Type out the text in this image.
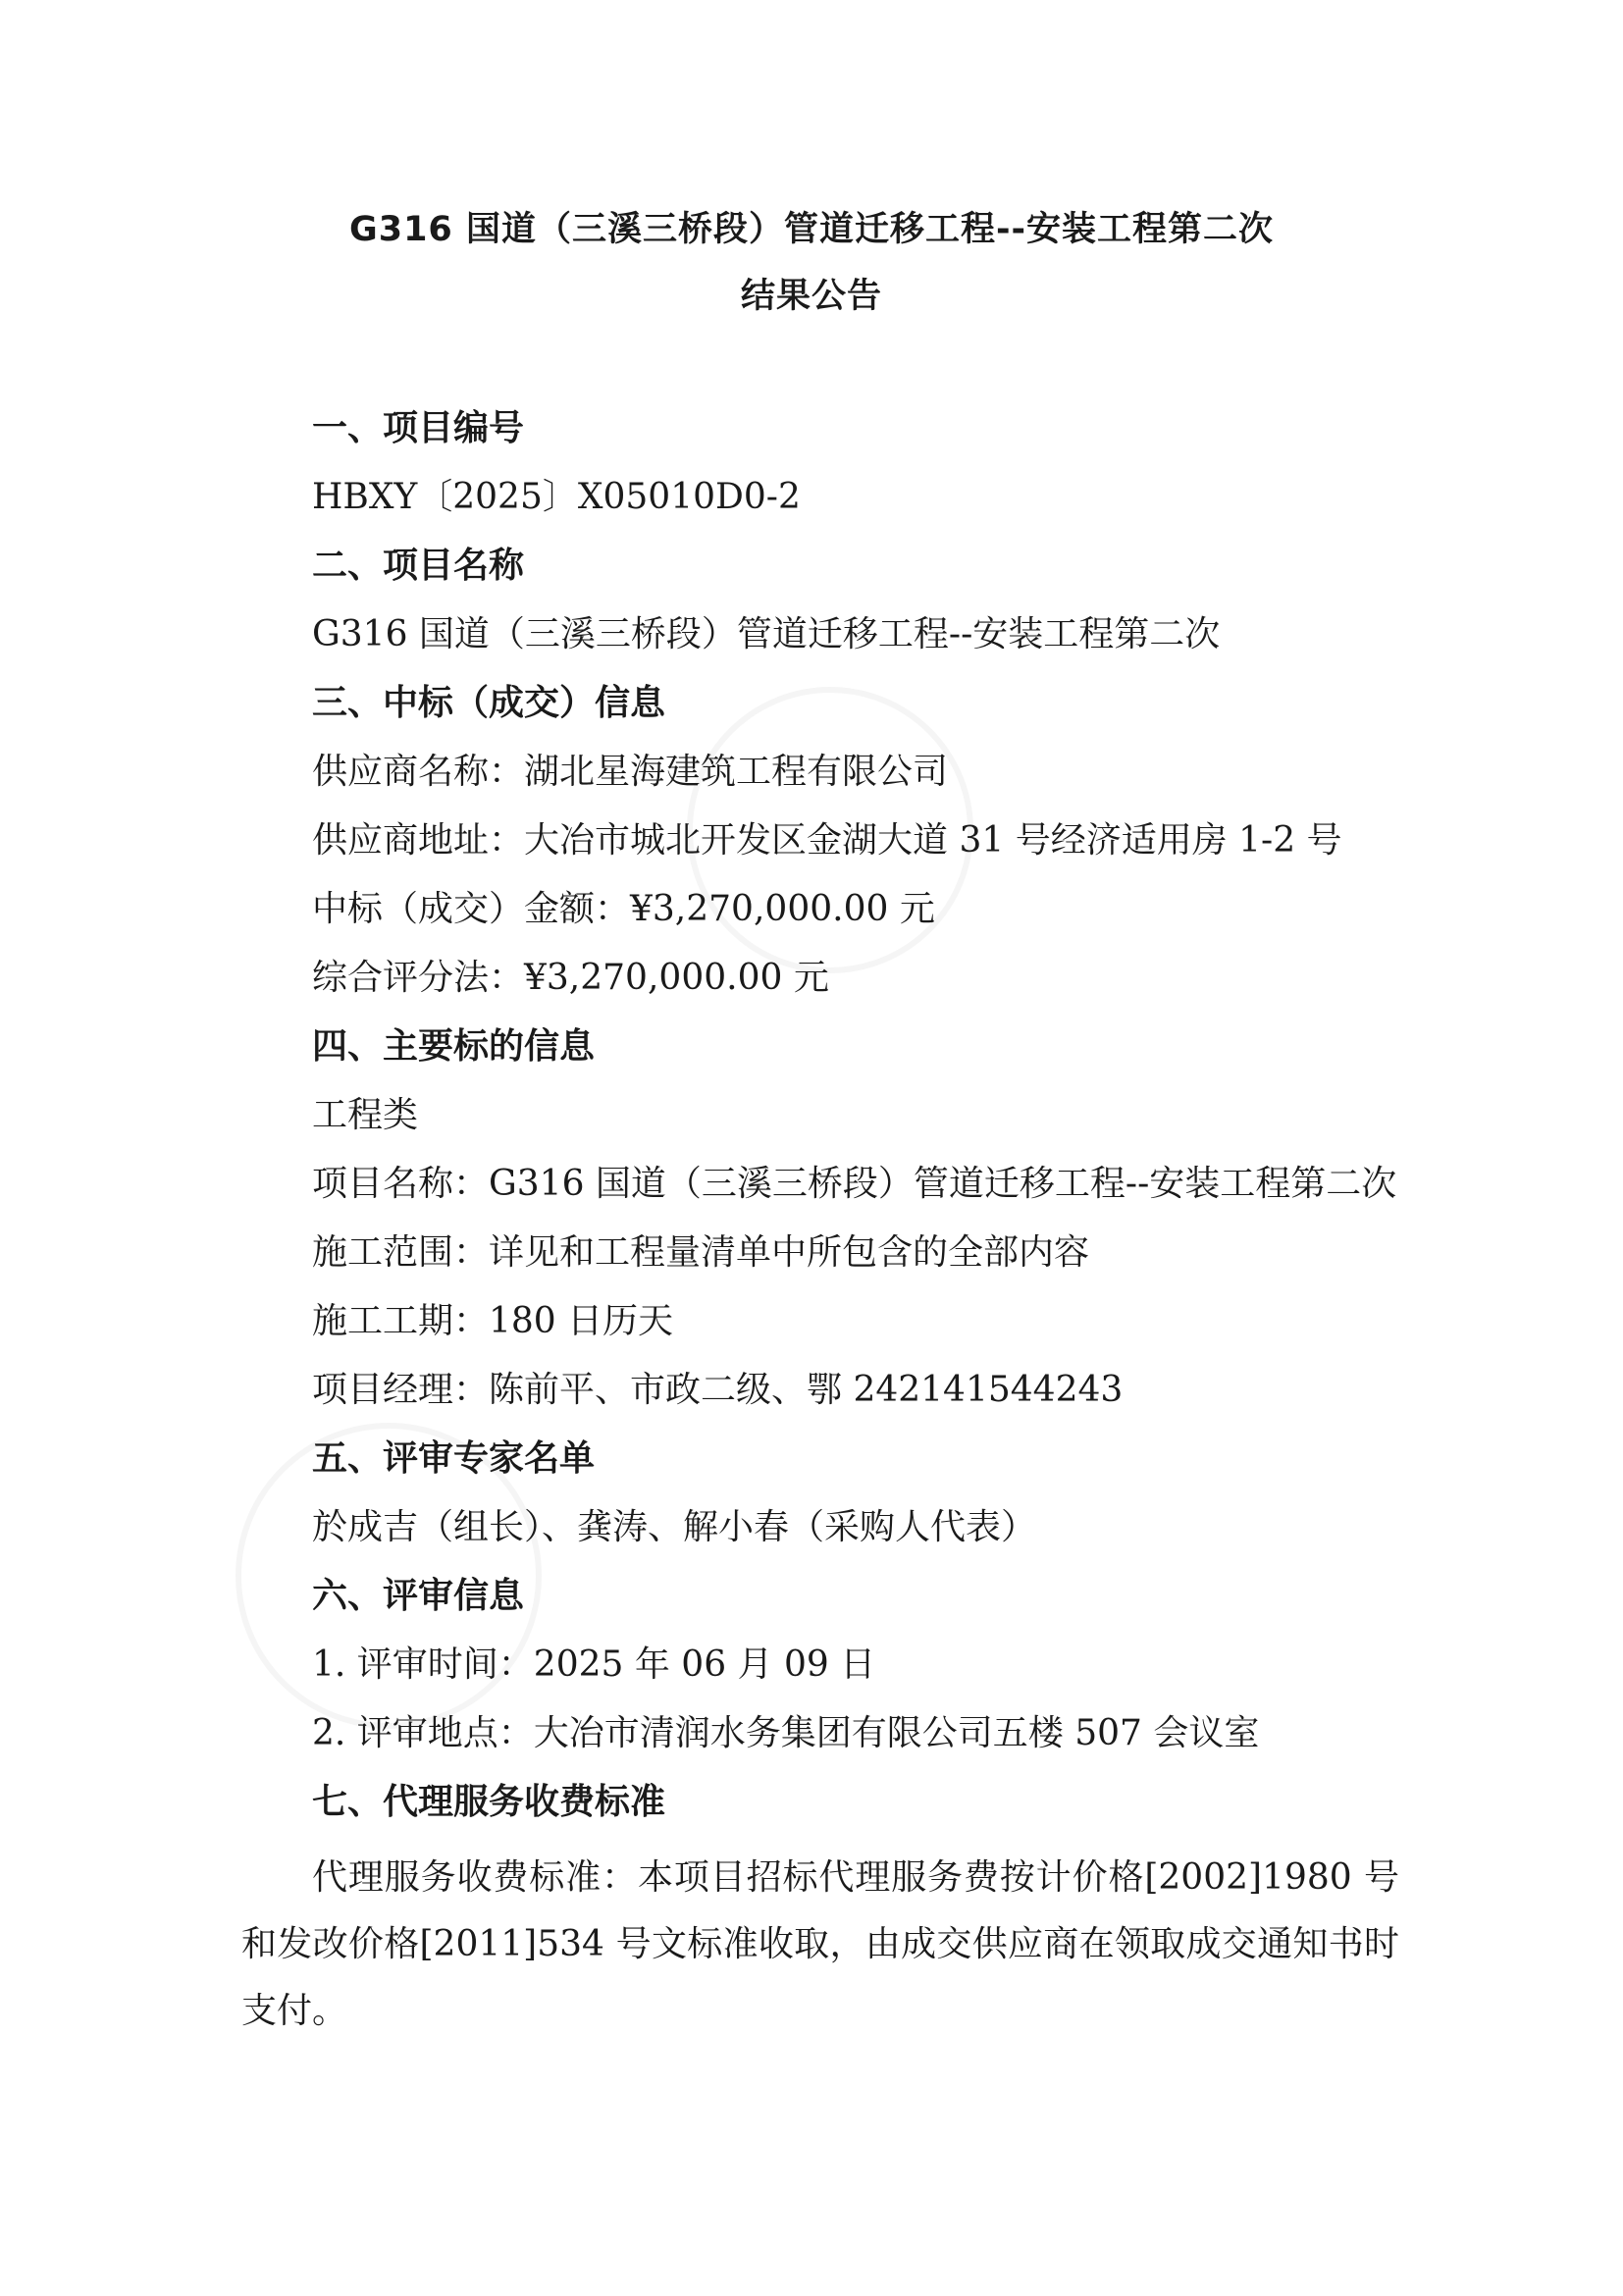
G316 国道（三溪三桥段）管道迁移工程--安装工程第二次
结果公告
一、项目编号
HBXY〔2025〕X05010D0-2
二、项目名称
G316 国道（三溪三桥段）管道迁移工程--安装工程第二次
三、中标（成交）信息
供应商名称：湖北星海建筑工程有限公司
供应商地址：大冶市城北开发区金湖大道 31 号经济适用房 1-2 号
中标（成交）金额：¥3,270,000.00 元
综合评分法：¥3,270,000.00 元
四、主要标的信息
工程类
项目名称：G316 国道（三溪三桥段）管道迁移工程--安装工程第二次
施工范围：详见和工程量清单中所包含的全部内容
施工工期：180 日历天
项目经理：陈前平、市政二级、鄂 242141544243
五、评审专家名单
於成吉（组长）、龚涛、解小春（采购人代表）
六、评审信息
1. 评审时间：2025 年 06 月 09 日
2. 评审地点：大冶市清润水务集团有限公司五楼 507 会议室
七、代理服务收费标准
代理服务收费标准：本项目招标代理服务费按计价格[2002]1980 号和发改价格[2011]534 号文标准收取，由成交供应商在领取成交通知书时支付。
